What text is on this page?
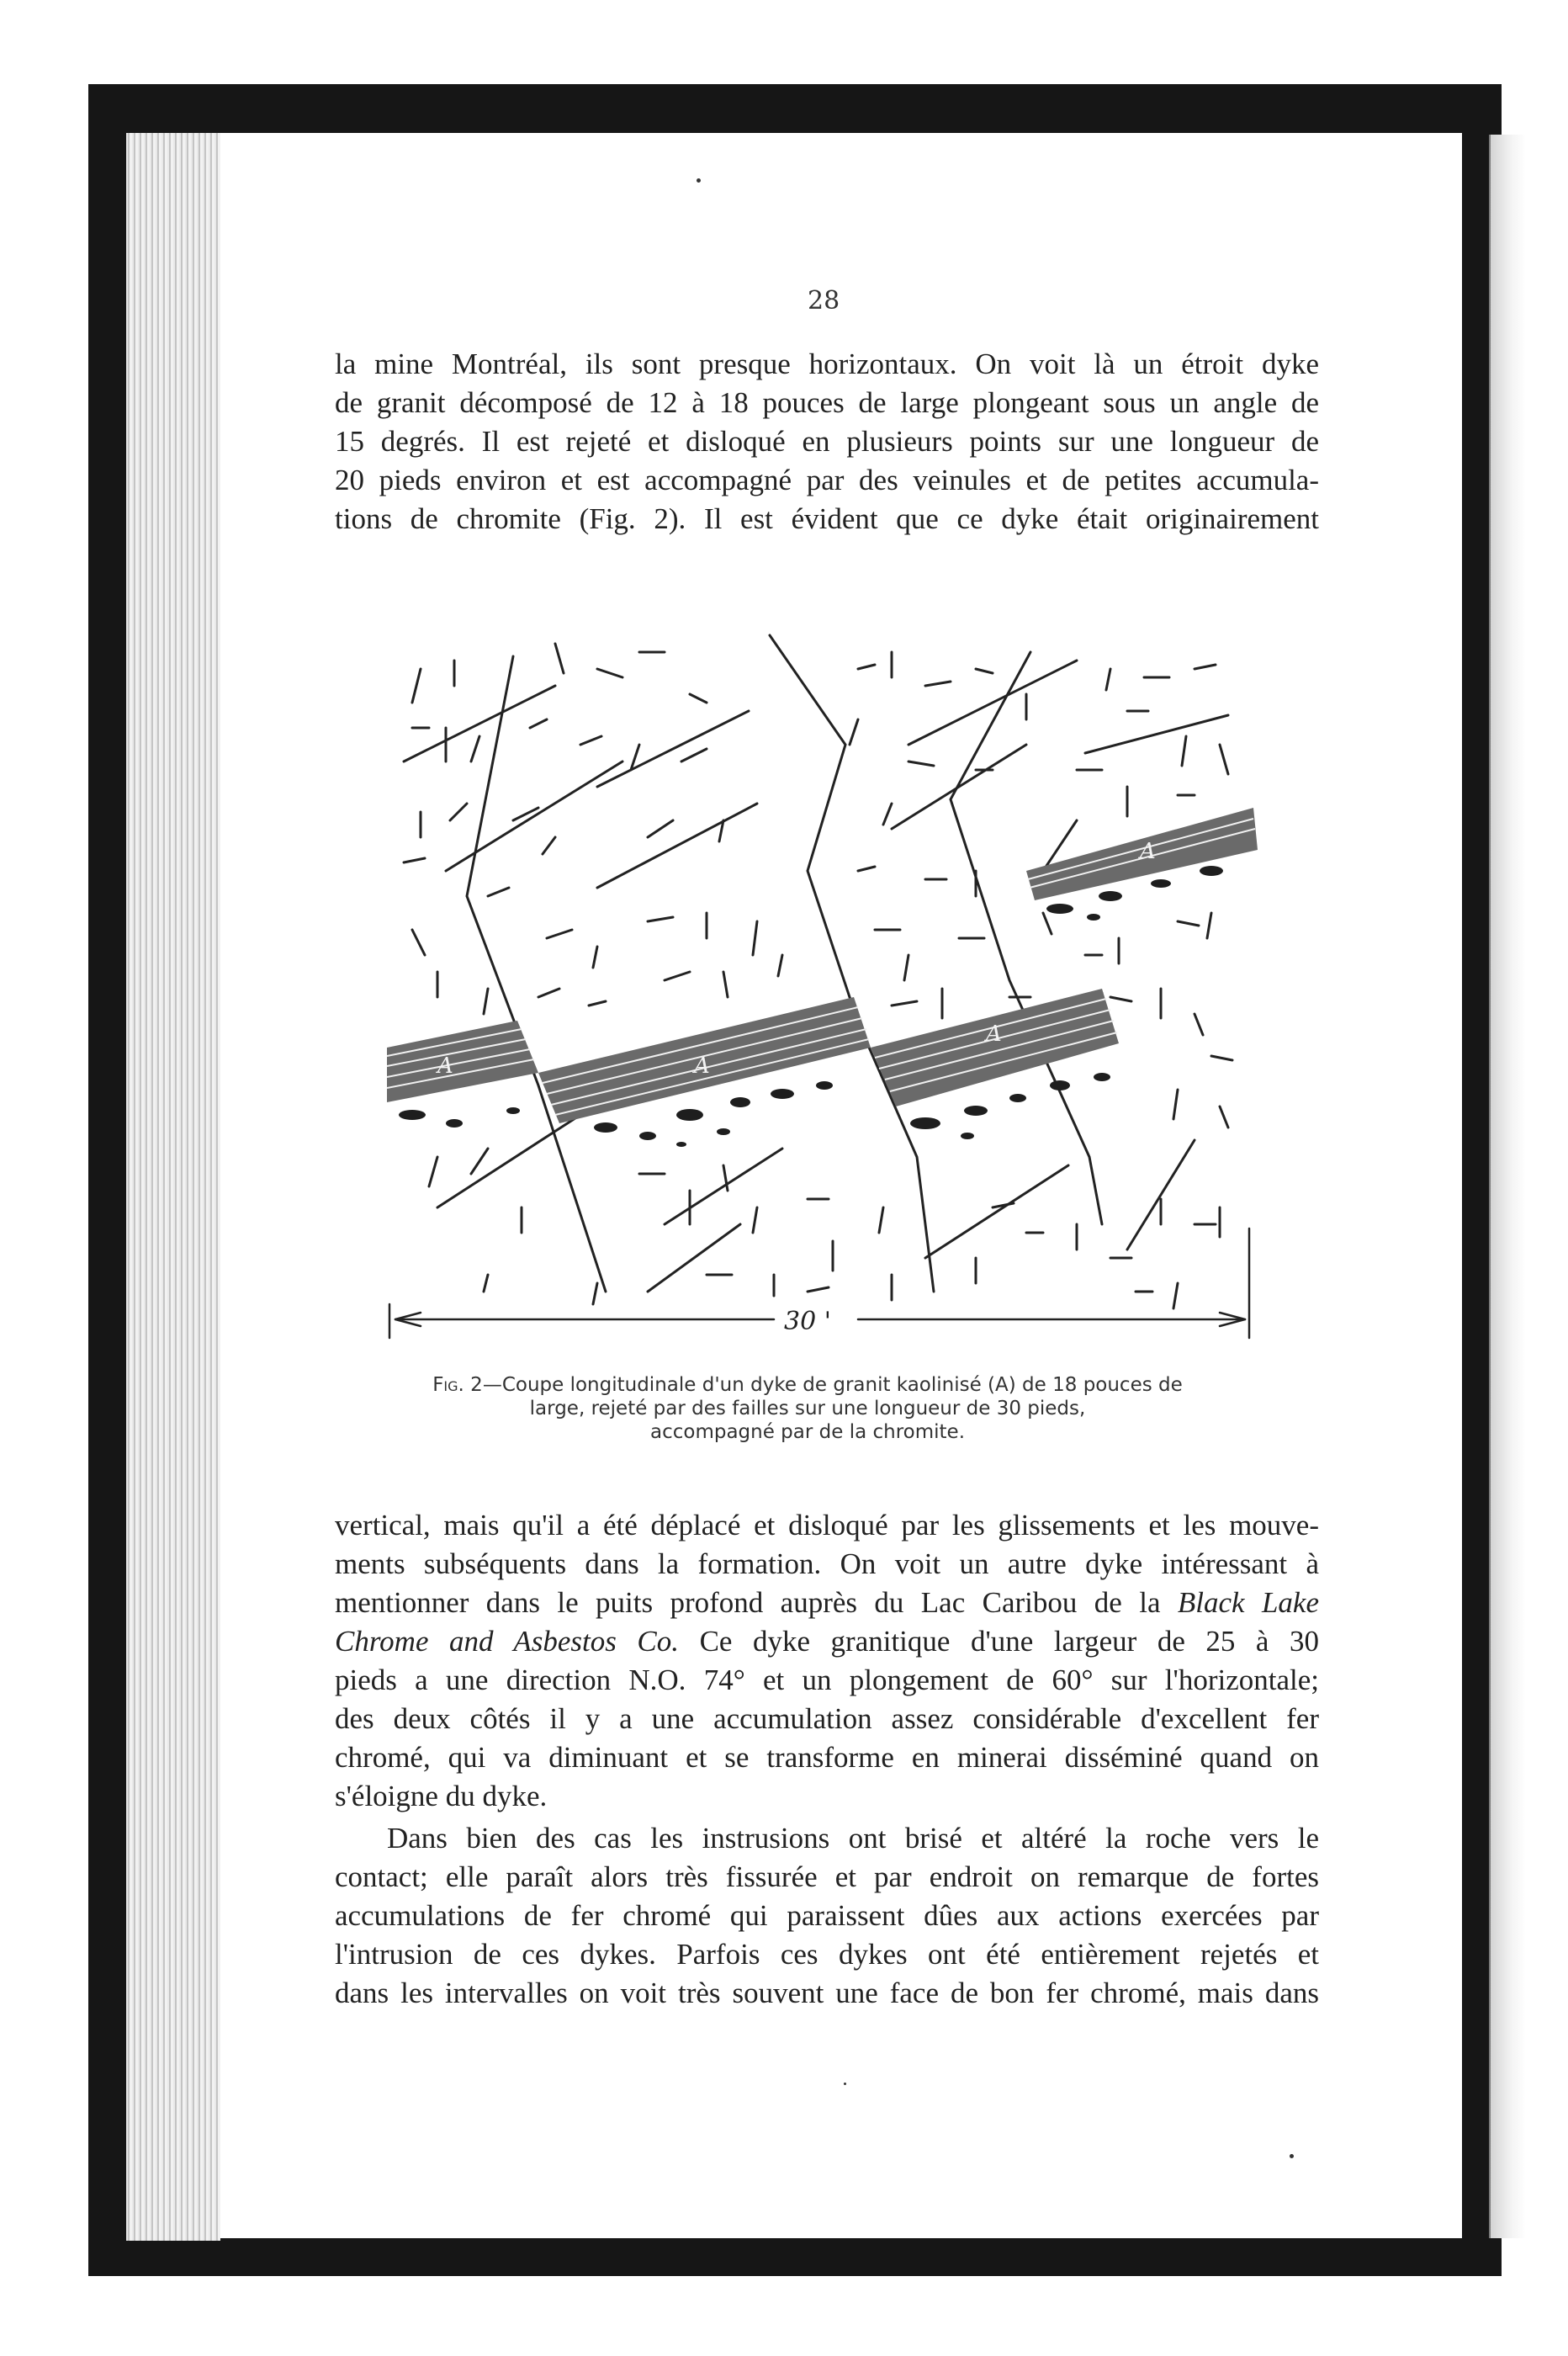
28
la mine Montréal, ils sont presque horizontaux. On voit là un étroit dyke
de granit décomposé de 12 à 18 pouces de large plongeant sous un angle de
15 degrés. Il est rejeté et disloqué en plusieurs points sur une longueur de
20 pieds environ et est accompagné par des veinules et de petites accumula-
tions de chromite (Fig. 2). Il est évident que ce dyke était originairement
A	A
A
A
30 '
Fig. 2—Coupe longitudinale d'un dyke de granit kaolinisé (A) de 18 pouces de
large, rejeté par des failles sur une longueur de 30 pieds,
accompagné par de la chromite.
vertical, mais qu'il a été déplacé et disloqué par les glissements et les mouve-
ments subséquents dans la formation. On voit un autre dyke intéressant à
mentionner dans le puits profond auprès du Lac Caribou de la Black Lake
Chrome and Asbestos Co. Ce dyke granitique d'une largeur de 25 à 30
pieds a une direction N.O. 74° et un plongement de 60° sur l'horizontale;
des deux côtés il y a une accumulation assez considérable d'excellent fer
chromé, qui va diminuant et se transforme en minerai disséminé quand on
s'éloigne du dyke.
Dans bien des cas les instrusions ont brisé et altéré la roche vers le
contact; elle paraît alors très fissurée et par endroit on remarque de fortes
accumulations de fer chromé qui paraissent dûes aux actions exercées par
l'intrusion de ces dykes. Parfois ces dykes ont été entièrement rejetés et
dans les intervalles on voit très souvent une face de bon fer chromé, mais dans
